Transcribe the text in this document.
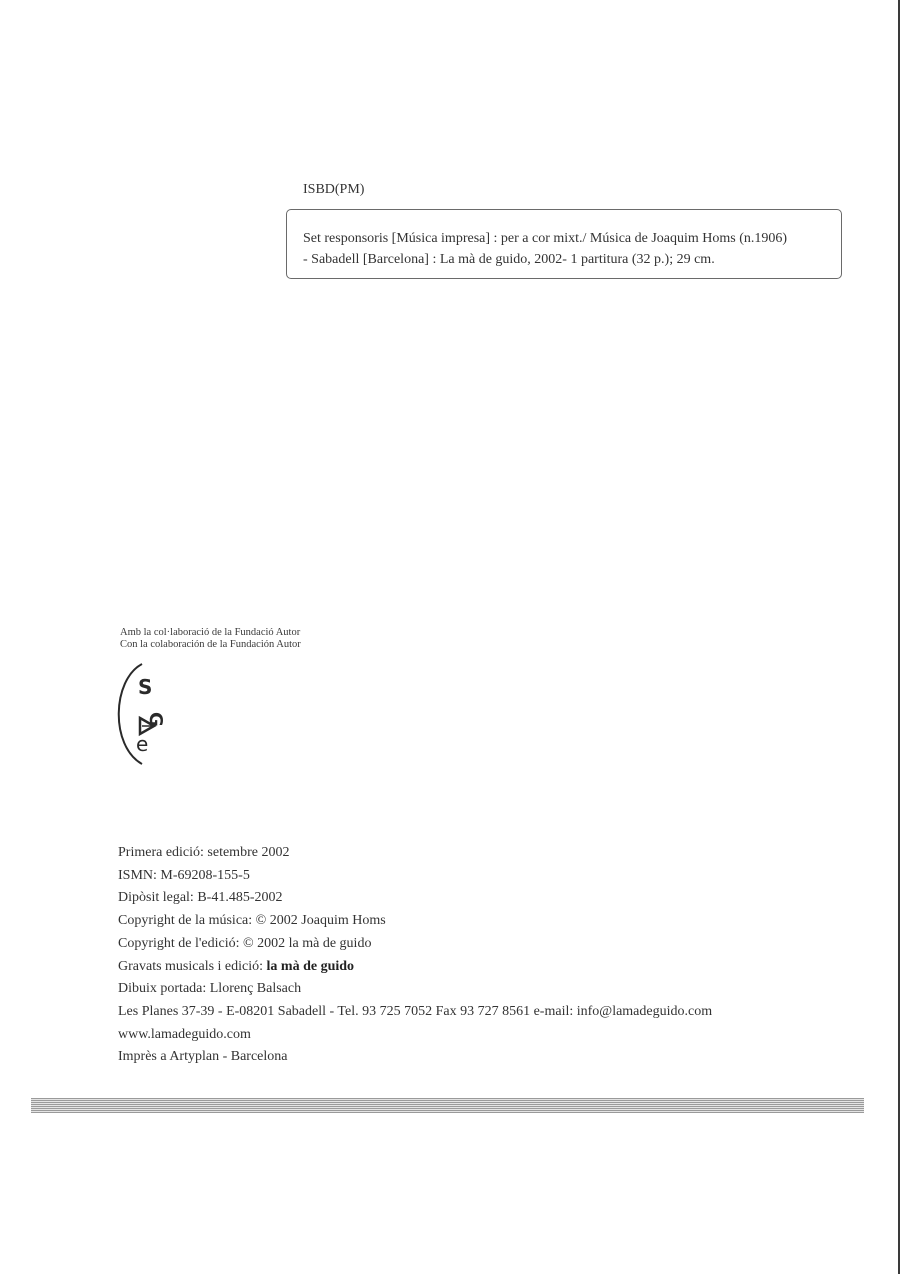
ISBD(PM)
Set responsoris [Música impresa] : per a cor mixt./ Música de Joaquim Homs (n.1906)
- Sabadell [Barcelona] : La mà de guido, 2002- 1 partitura (32 p.); 29 cm.
Amb la col·laboració de la Fundació Autor
Con la colaboración de la Fundación Autor
S
G
e
Primera edició: setembre 2002
ISMN: M-69208-155-5
Dipòsit legal: B-41.485-2002
Copyright de la música: © 2002 Joaquim Homs
Copyright de l'edició: © 2002 la mà de guido
Gravats musicals i edició: la mà de guido
Dibuix portada: Llorenç Balsach
Les Planes 37-39 - E-08201 Sabadell - Tel. 93 725 7052 Fax 93 727 8561 e-mail: info@lamadeguido.com
www.lamadeguido.com
Imprès a Artyplan - Barcelona
